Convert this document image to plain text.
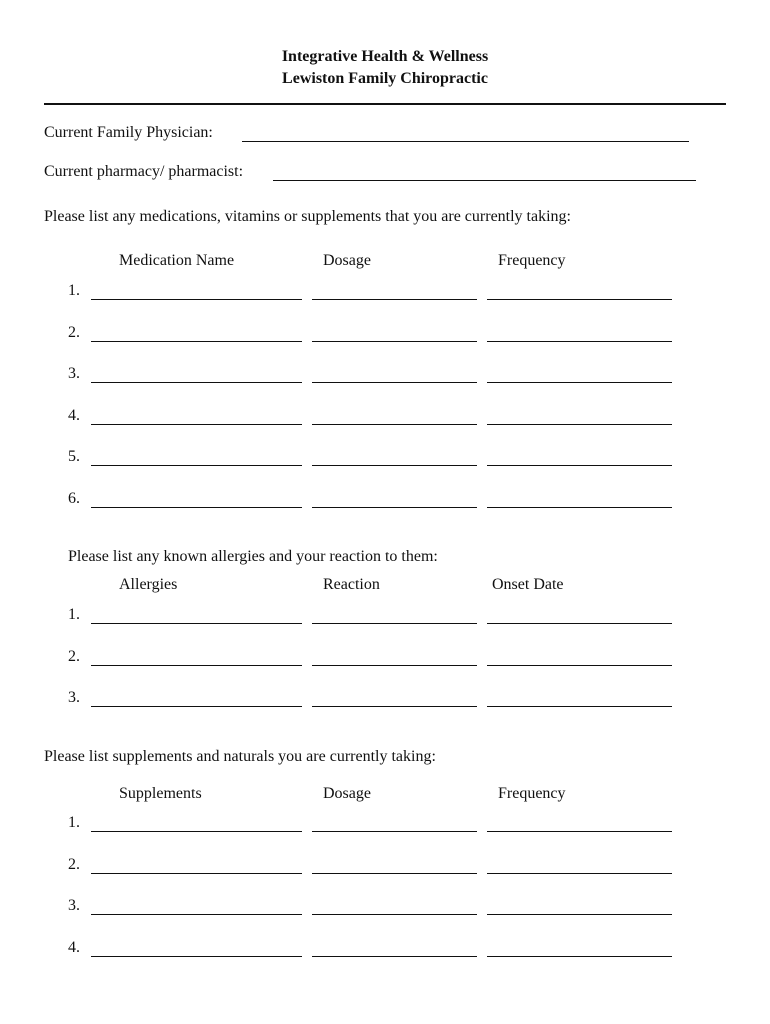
Integrative Health & Wellness
Lewiston Family Chiropractic
Current Family Physician:
Current pharmacy/ pharmacist:
Please list any medications, vitamins or supplements that you are currently taking:
Medication Name	Dosage	Frequency
1.
2.
3.
4.
5.
6.
Please list any known allergies and your reaction to them:
Allergies	Reaction	Onset Date
1.
2.
3.
Please list supplements and naturals you are currently taking:
Supplements	Dosage	Frequency
1.
2.
3.
4.
